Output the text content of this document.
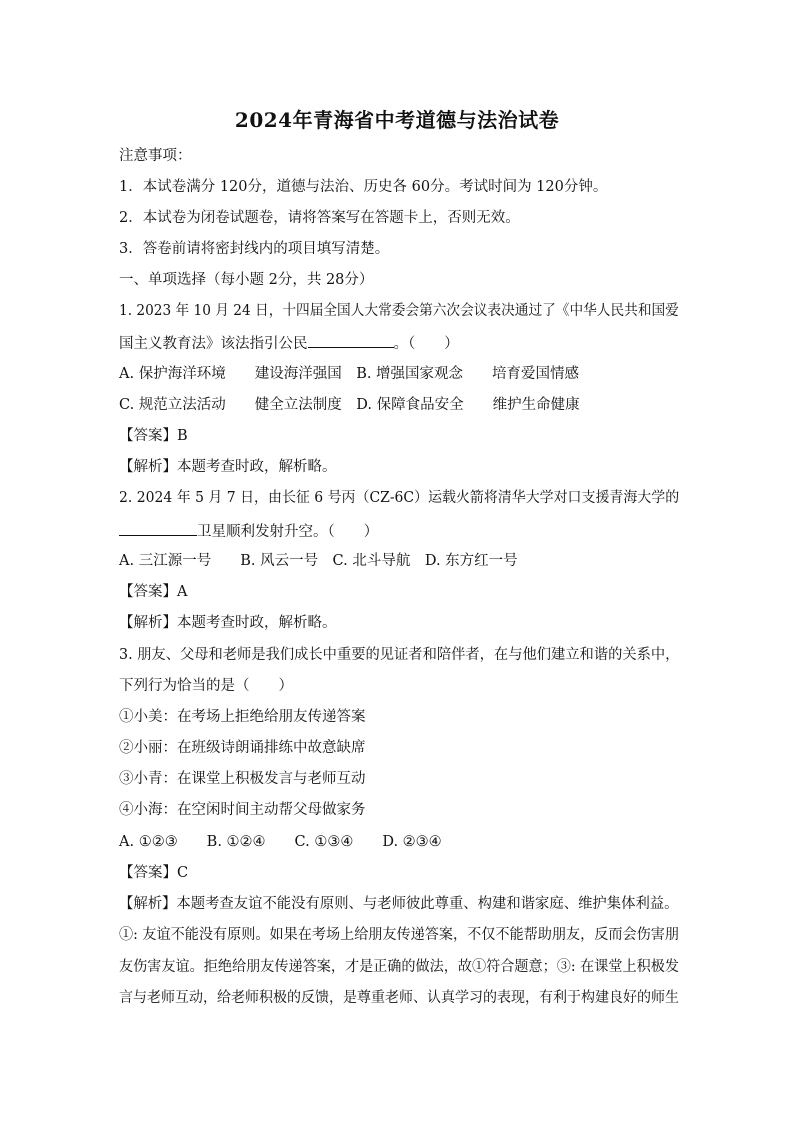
2024年青海省中考道德与法治试卷
注意事项：
1．本试卷满分 120分，道德与法治、历史各 60分。考试时间为 120分钟。
2．本试卷为闭卷试题卷，请将答案写在答题卡上，否则无效。
3．答卷前请将密封线内的项目填写清楚。
一、单项选择（每小题 2分，共 28分）
1. 2023 年 10 月 24 日，十四届全国人大常委会第六次会议表决通过了《中华人民共和国爱
国主义教育法》该法指引公民	。（　　）
A. 保护海洋环境　　建设海洋强国　B. 增强国家观念　　培育爱国情感
C. 规范立法活动　　健全立法制度　D. 保障食品安全　　维护生命健康
【答案】B
【解析】本题考查时政，解析略。
2. 2024 年 5 月 7 日，由长征 6 号丙（CZ-6C）运载火箭将清华大学对口支援青海大学的
卫星顺利发射升空。（　　）
A. 三江源一号　　B. 风云一号　C. 北斗导航　D. 东方红一号
【答案】A
【解析】本题考查时政，解析略。
3. 朋友、父母和老师是我们成长中重要的见证者和陪伴者，在与他们建立和谐的关系中，
下列行为恰当的是（　　）
①小美：在考场上拒绝给朋友传递答案
②小丽：在班级诗朗诵排练中故意缺席
③小青：在课堂上积极发言与老师互动
④小海：在空闲时间主动帮父母做家务
A. ①②③　　B. ①②④　　C. ①③④　　D. ②③④
【答案】C
【解析】本题考查友谊不能没有原则、与老师彼此尊重、构建和谐家庭、维护集体利益。
①: 友谊不能没有原则。如果在考场上给朋友传递答案，不仅不能帮助朋友，反而会伤害朋
友伤害友谊。拒绝给朋友传递答案，才是正确的做法，故①符合题意；③: 在课堂上积极发
言与老师互动，给老师积极的反馈，是尊重老师、认真学习的表现，有利于构建良好的师生
